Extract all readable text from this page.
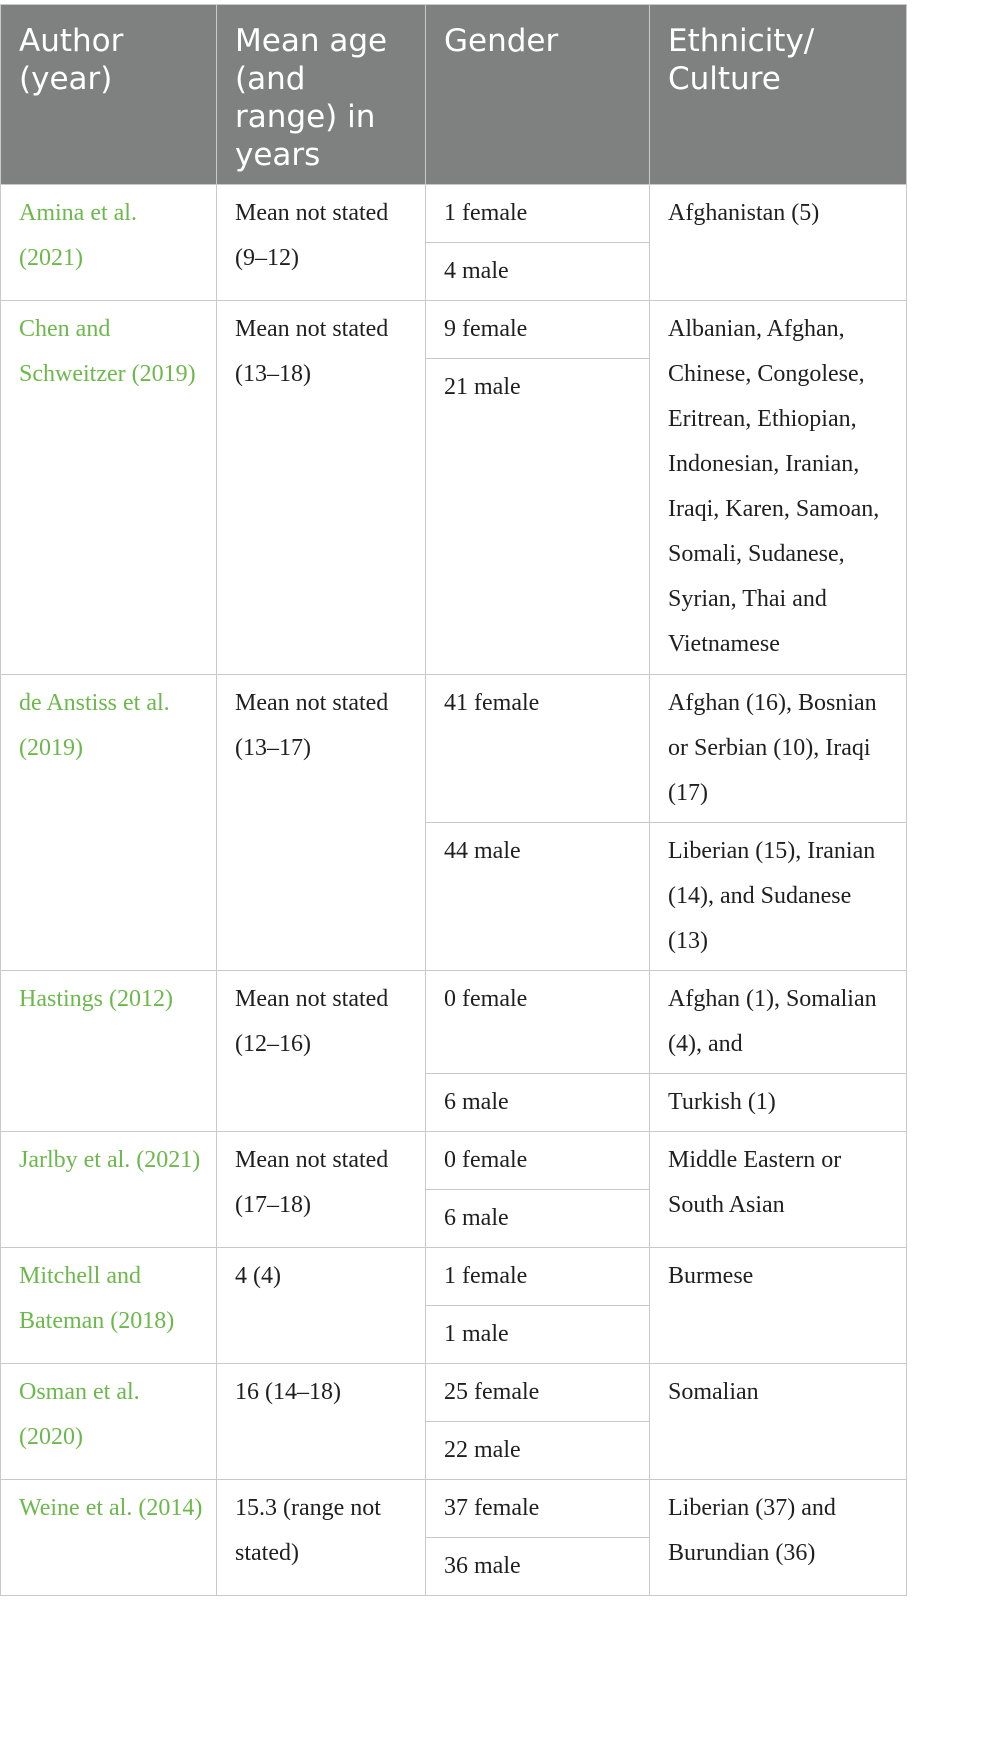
Author (year)	Mean age (and range) in years	Gender	Ethnicity/ Culture
Amina et al. (2021)	Mean not stated (9–12)	1 female	Afghanistan (5)
		4 male	
Chen and Schweitzer (2019)	Mean not stated (13–18)	9 female	Albanian, Afghan, Chinese, Congolese, Eritrean, Ethiopian, Indonesian, Iranian, Iraqi, Karen, Samoan, Somali, Sudanese, Syrian, Thai and Vietnamese
		21 male	
de Anstiss et al. (2019)	Mean not stated (13–17)	41 female	Afghan (16), Bosnian or Serbian (10), Iraqi (17)
		44 male	Liberian (15), Iranian (14), and Sudanese (13)
Hastings (2012)	Mean not stated (12–16)	0 female	Afghan (1), Somalian (4), and
		6 male	Turkish (1)
Jarlby et al. (2021)	Mean not stated (17–18)	0 female	Middle Eastern or South Asian
		6 male	
Mitchell and Bateman (2018)	4 (4)	1 female	Burmese
		1 male	
Osman et al. (2020)	16 (14–18)	25 female	Somalian
		22 male	
Weine et al. (2014)	15.3 (range not stated)	37 female	Liberian (37) and Burundian (36)
		36 male	
